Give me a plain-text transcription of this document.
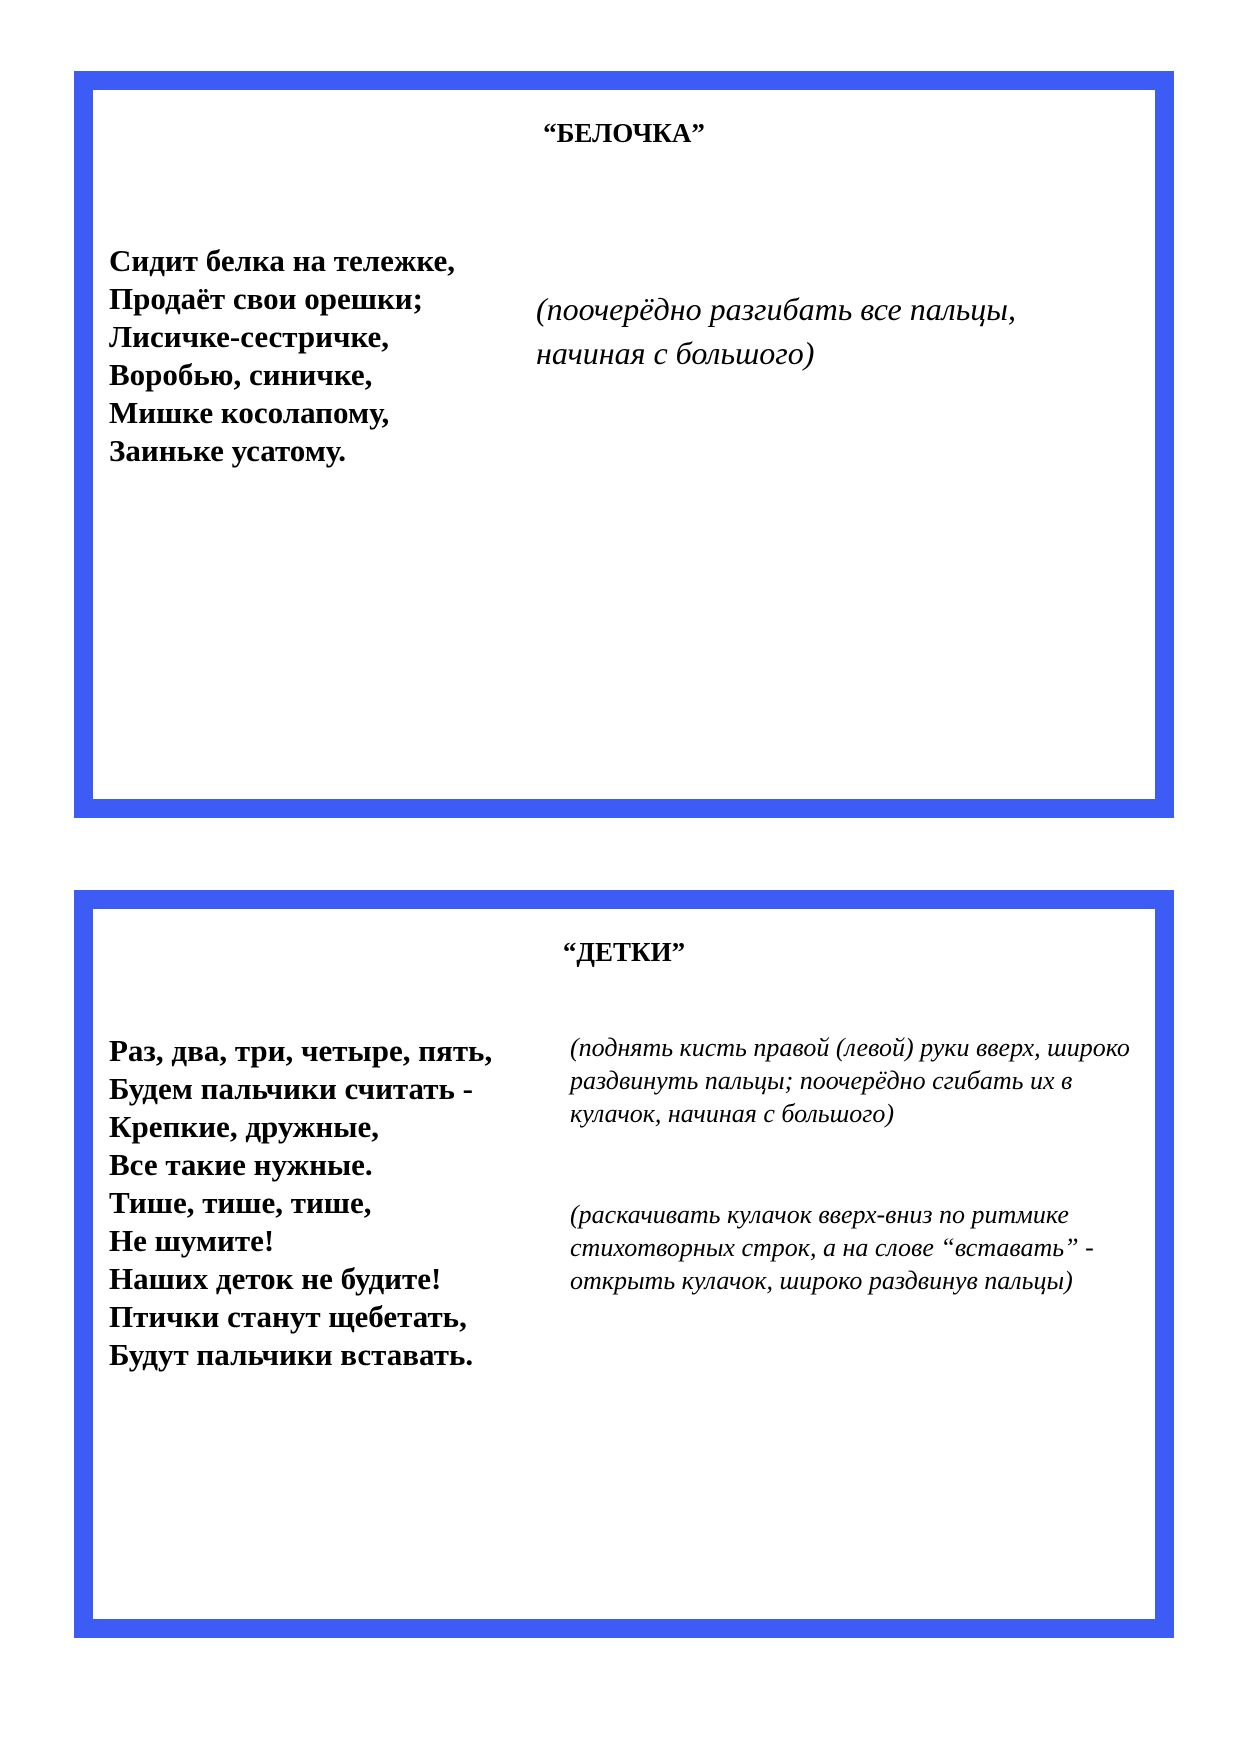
“БЕЛОЧКА”
Сидит белка на тележке,
Продаёт свои орешки;
Лисичке-сестричке,
Воробью, синичке,
Мишке косолапому,
Заиньке усатому.

(поочерёдно разгибать все пальцы, начиная с большого)

“ДЕТКИ”
Раз, два, три, четыре, пять,
Будем пальчики считать -
Крепкие, дружные,
Все такие нужные.
Тише, тише, тише,
Не шумите!
Наших деток не будите!
Птички станут щебетать,
Будут пальчики вставать.

(поднять кисть правой (левой) руки вверх, широко раздвинуть пальцы; поочерёдно сгибать их в кулачок, начиная с большого)

(раскачивать кулачок вверх-вниз по ритмике стихотворных строк, а на слове “вставать” - открыть кулачок, широко раздвинув пальцы)
